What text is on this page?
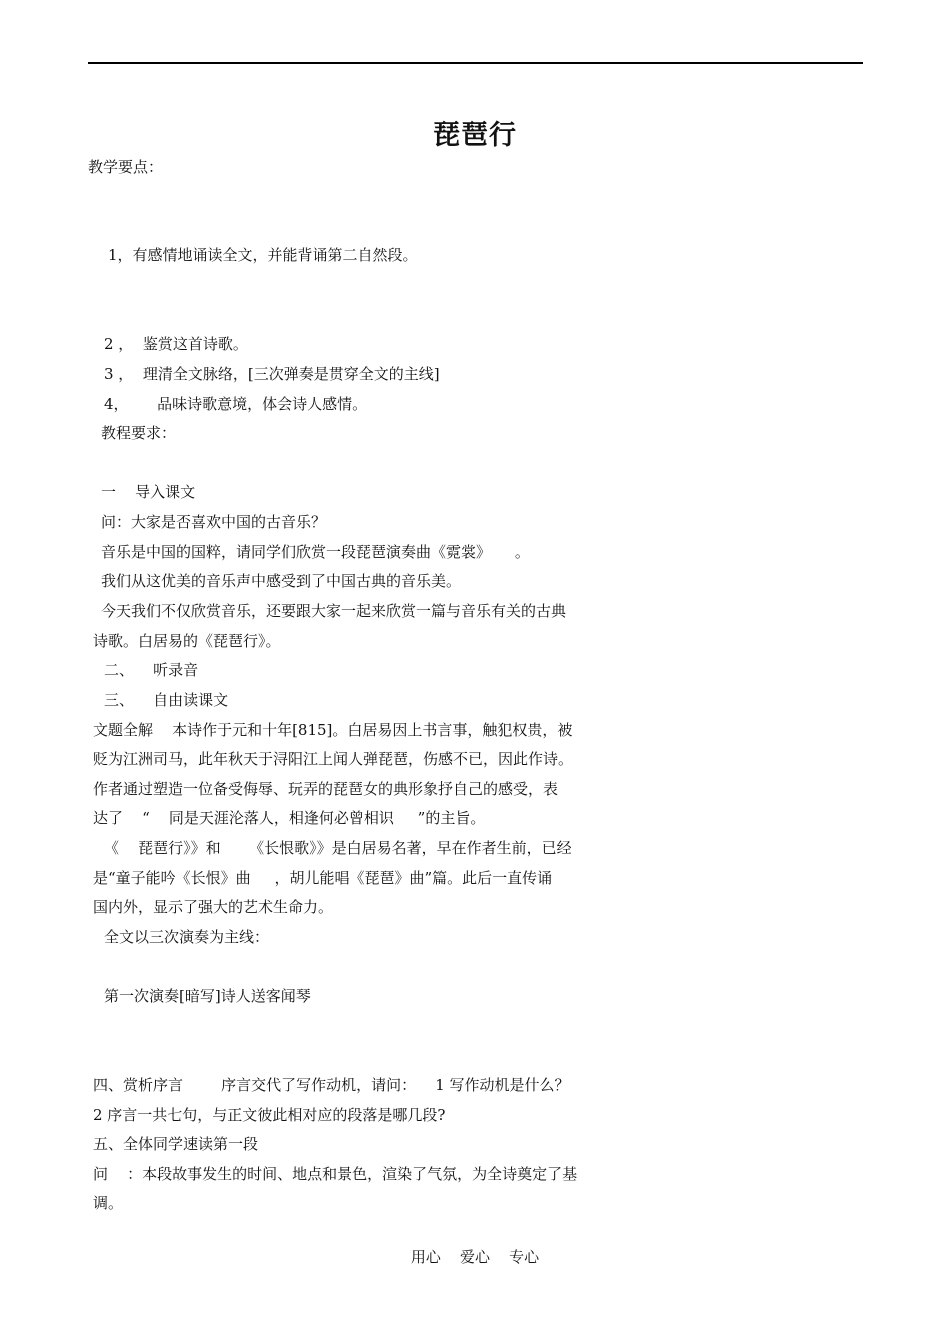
琵琶行
教学要点：
1，有感情地诵读全文，并能背诵第二自然段。
2 ，  鉴赏这首诗歌。
3 ，  理清全文脉络，[三次弹奏是贯穿全文的主线]
4，      品味诗歌意境，体会诗人感情。
教程要求：
一    导入课文
问：大家是否喜欢中国的古音乐？
音乐是中国的国粹，请同学们欣赏一段琵琶演奏曲《霓裳》     。
我们从这优美的音乐声中感受到了中国古典的音乐美。
今天我们不仅欣赏音乐，还要跟大家一起来欣赏一篇与音乐有关的古典
诗歌。白居易的《琵琶行》。
二、    听录音
三、    自由读课文
文题全解    本诗作于元和十年[815]。白居易因上书言事，触犯权贵，被
贬为江洲司马，此年秋天于浔阳江上闻人弹琵琶，伤感不已，因此作诗。
作者通过塑造一位备受侮辱、玩弄的琵琶女的典形象抒自己的感受，表
达了    “    同是天涯沦落人，相逢何必曾相识     ”的主旨。
《    琵琶行》》和      《长恨歌》》是白居易名著，早在作者生前，已经
是“童子能吟《长恨》曲     ，胡儿能唱《琵琶》曲”篇。此后一直传诵
国内外，显示了强大的艺术生命力。
全文以三次演奏为主线：
第一次演奏[暗写]诗人送客闻琴
四、赏析序言        序言交代了写作动机，请问：    1 写作动机是什么？
2 序言一共七句，与正文彼此相对应的段落是哪几段?
五、全体同学速读第一段
问    ：本段故事发生的时间、地点和景色，渲染了气氛，为全诗奠定了基
调。
用心    爱心    专心
